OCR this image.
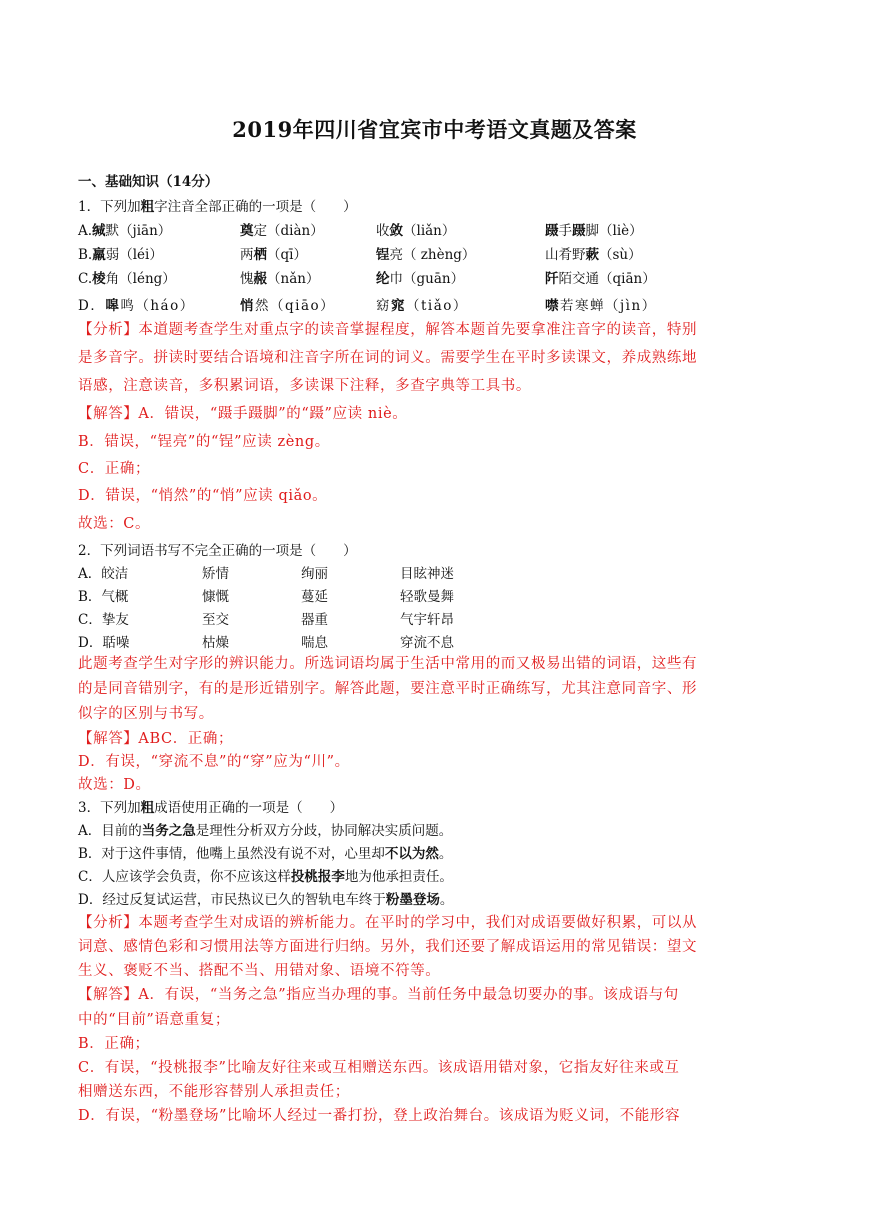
2019年四川省宜宾市中考语文真题及答案
一、基础知识（14分）
1．下列加粗字注音全部正确的一项是（　　）
A.缄默（jiān）	奠定（diàn）	收敛（liǎn）	蹑手蹑脚（liè）
B.羸弱（léi）	两栖（qī）	锃亮（ zhèng）	山肴野蔌（sù）
C.棱角（léng）	愧赧（nǎn）	纶巾（guān）	阡陌交通（qiān）
D．嗥鸣（háo）	悄然（qiāo）	窈窕（tiǎo）	噤若寒蝉（jìn）
【分析】本道题考查学生对重点字的读音掌握程度，解答本题首先要拿准注音字的读音，特别
是多音字。拼读时要结合语境和注音字所在词的词义。需要学生在平时多读课文，养成熟练地
语感，注意读音，多积累词语，多读课下注释，多查字典等工具书。
【解答】A．错误，“蹑手蹑脚”的“蹑”应读 niè。
B．错误，“锃亮”的“锃”应读 zèng。
C．正确；
D．错误，“悄然”的“悄”应读 qiǎo。
故选：C。
2．下列词语书写不完全正确的一项是（　　）
A．皎洁	矫情	绚丽	目眩神迷
B．气概	慷慨	蔓延	轻歌曼舞
C．挚友	至交	器重	气宇轩昂
D．聒噪	枯燥	喘息	穿流不息
此题考查学生对字形的辨识能力。所选词语均属于生活中常用的而又极易出错的词语，这些有
的是同音错别字，有的是形近错别字。解答此题，要注意平时正确练写，尤其注意同音字、形
似字的区别与书写。
【解答】ABC．正确；
D．有误，“穿流不息”的“穿”应为“川”。
故选：D。
3．下列加粗成语使用正确的一项是（　　）
A．目前的当务之急是理性分析双方分歧，协同解决实质问题。
B．对于这件事情，他嘴上虽然没有说不对，心里却不以为然。
C．人应该学会负责，你不应该这样投桃报李地为他承担责任。
D．经过反复试运营，市民热议已久的智轨电车终于粉墨登场。
【分析】本题考查学生对成语的辨析能力。在平时的学习中，我们对成语要做好积累，可以从
词意、感情色彩和习惯用法等方面进行归纳。另外，我们还要了解成语运用的常见错误：望文
生义、褒贬不当、搭配不当、用错对象、语境不符等。
【解答】A．有误，“当务之急”指应当办理的事。当前任务中最急切要办的事。该成语与句
中的“目前”语意重复；
B．正确；
C．有误，“投桃报李”比喻友好往来或互相赠送东西。该成语用错对象，它指友好往来或互
相赠送东西，不能形容替别人承担责任；
D．有误，“粉墨登场”比喻坏人经过一番打扮，登上政治舞台。该成语为贬义词，不能形容
